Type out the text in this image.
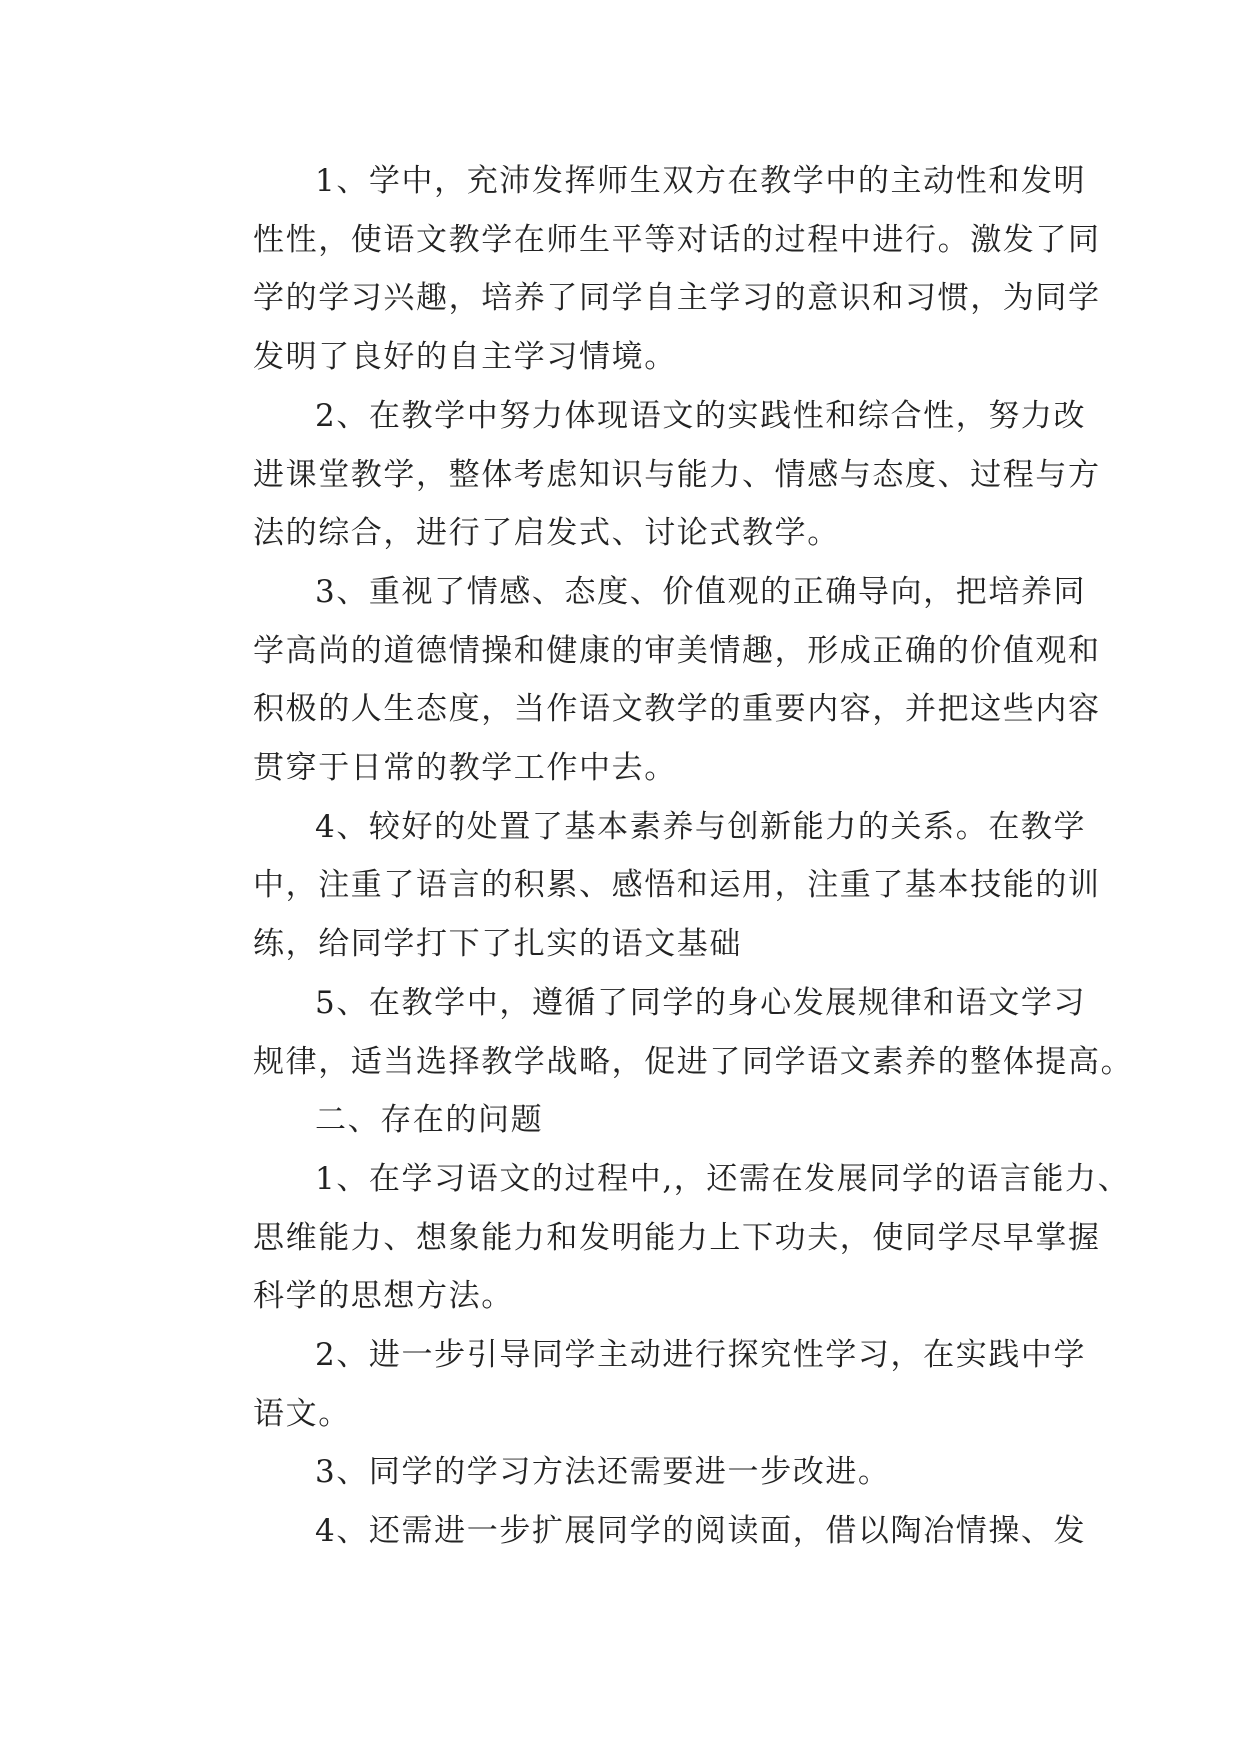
1、学中，充沛发挥师生双方在教学中的主动性和发明
性性，使语文教学在师生平等对话的过程中进行。激发了同
学的学习兴趣，培养了同学自主学习的意识和习惯，为同学
发明了良好的自主学习情境。
2、在教学中努力体现语文的实践性和综合性，努力改
进课堂教学，整体考虑知识与能力、情感与态度、过程与方
法的综合，进行了启发式、讨论式教学。
3、重视了情感、态度、价值观的正确导向，把培养同
学高尚的道德情操和健康的审美情趣，形成正确的价值观和
积极的人生态度，当作语文教学的重要内容，并把这些内容
贯穿于日常的教学工作中去。
4、较好的处置了基本素养与创新能力的关系。在教学
中，注重了语言的积累、感悟和运用，注重了基本技能的训
练，给同学打下了扎实的语文基础
5、在教学中，遵循了同学的身心发展规律和语文学习
规律，适当选择教学战略，促进了同学语文素养的整体提高。
二、存在的问题
1、在学习语文的过程中,，还需在发展同学的语言能力、
思维能力、想象能力和发明能力上下功夫，使同学尽早掌握
科学的思想方法。
2、进一步引导同学主动进行探究性学习，在实践中学
语文。
3、同学的学习方法还需要进一步改进。
4、还需进一步扩展同学的阅读面，借以陶冶情操、发
